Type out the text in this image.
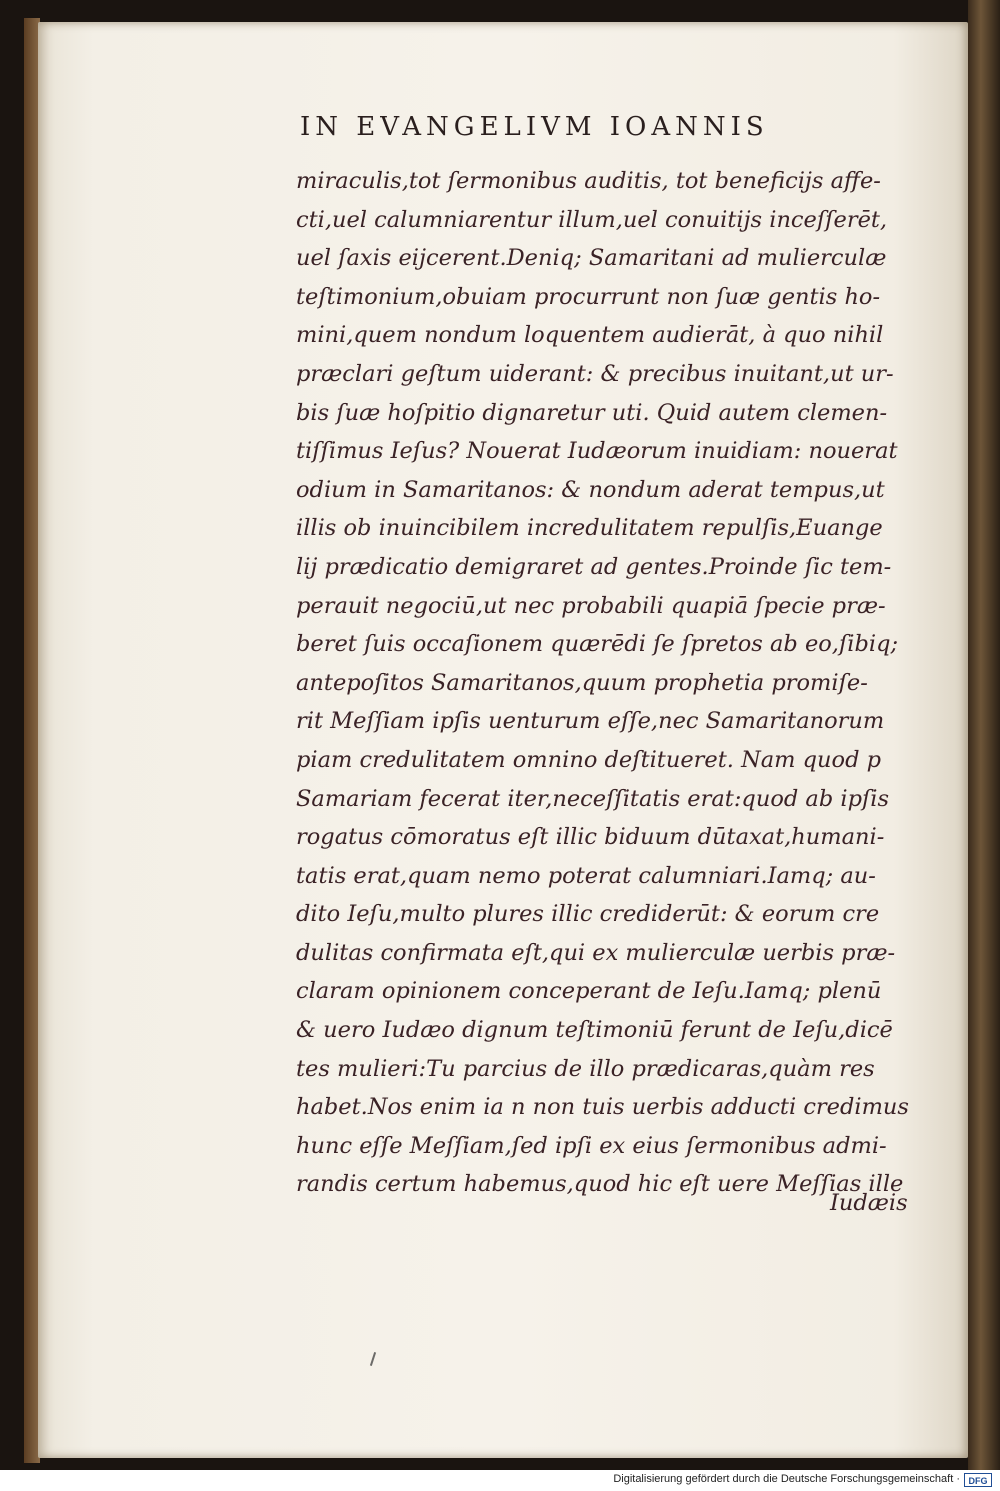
IN EVANGELIVM IOANNIS
miraculis,tot ſermonibus auditis, tot beneficijs affe-
cti,uel calumniarentur illum,uel conuitijs inceſſerēt,
uel ſaxis eijcerent.Deniq; Samaritani ad mulierculæ
teſtimonium,obuiam procurrunt non ſuæ gentis ho-
mini,quem nondum loquentem audierāt, à quo nihil
præclari geſtum uiderant: & precibus inuitant,ut ur-
bis ſuæ hoſpitio dignaretur uti. Quid autem clemen-
tiſſimus Ieſus? Nouerat Iudæorum inuidiam: nouerat
odium in Samaritanos: & nondum aderat tempus,ut
illis ob inuincibilem incredulitatem repulſis,Euange
lij prædicatio demigraret ad gentes.Proinde ſic tem-
perauit negociū,ut nec probabili quapiā ſpecie præ-
beret ſuis occaſionem quærēdi ſe ſpretos ab eo,ſibiq;
antepoſitos Samaritanos,quum prophetia promiſe-
rit Meſſiam ipſis uenturum eſſe,nec Samaritanorum
piam credulitatem omnino deſtitueret. Nam quod p
Samariam fecerat iter,neceſſitatis erat:quod ab ipſis
rogatus cōmoratus eſt illic biduum dūtaxat,humani-
tatis erat,quam nemo poterat calumniari.Iamq; au-
dito Ieſu,multo plures illic crediderūt: & eorum cre
dulitas confirmata eſt,qui ex mulierculæ uerbis præ-
claram opinionem conceperant de Ieſu.Iamq; plenū
& uero Iudæo dignum teſtimoniū ferunt de Ieſu,dicē
tes mulieri:Tu parcius de illo prædicaras,quàm res
habet.Nos enim ia n non tuis uerbis adducti credimus
hunc eſſe Meſſiam,ſed ipſi ex eius ſermonibus admi-
randis certum habemus,quod hic eſt uere Meſſias ille
Iudæis
Digitalisierung gefördert durch die Deutsche Forschungsgemeinschaft · DFG
